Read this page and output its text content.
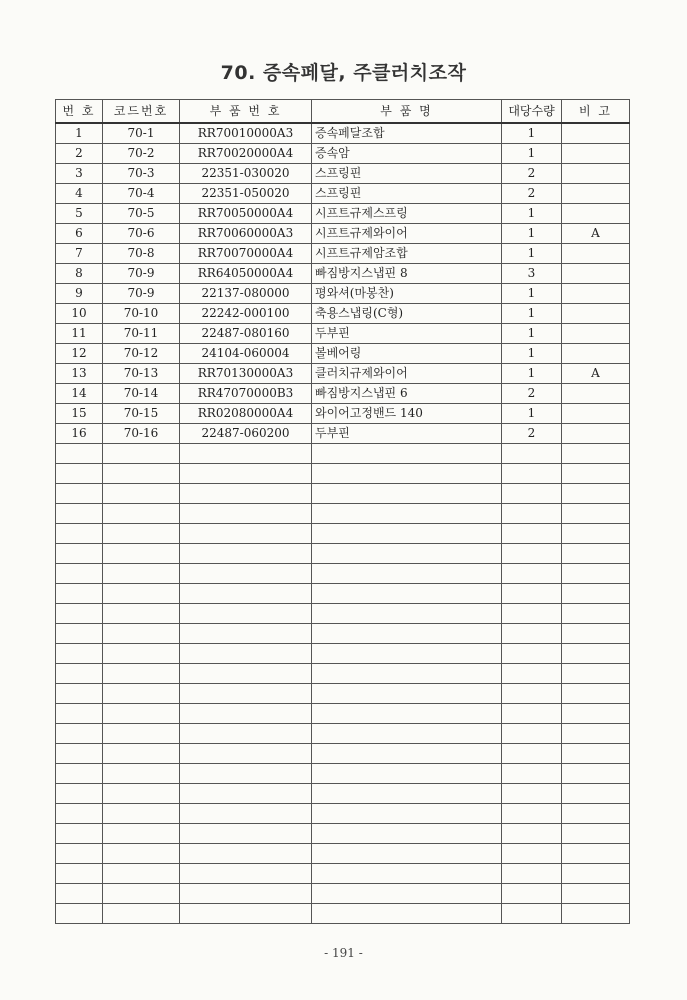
70. 증속페달, 주클러치조작
번 호	코드번호	부 품 번 호	부 품 명	대당수량	비 고
1	70-1	RR70010000A3	증속페달조합	1	
2	70-2	RR70020000A4	증속암	1	
3	70-3	22351-030020	스프링핀	2	
4	70-4	22351-050020	스프링핀	2	
5	70-5	RR70050000A4	시프트규제스프링	1	
6	70-6	RR70060000A3	시프트규제와이어	1	A
7	70-8	RR70070000A4	시프트규제암조합	1	
8	70-9	RR64050000A4	빠짐방지스냅핀 8	3	
9	70-9	22137-080000	평와셔(마봉찬)	1	
10	70-10	22242-000100	축용스냅링(C형)	1	
11	70-11	22487-080160	두부핀	1	
12	70-12	24104-060004	볼베어링	1	
13	70-13	RR70130000A3	클러치규제와이어	1	A
14	70-14	RR47070000B3	빠짐방지스냅핀 6	2	
15	70-15	RR02080000A4	와이어고정밴드 140	1	
16	70-16	22487-060200	두부핀	2	

- 191 -
